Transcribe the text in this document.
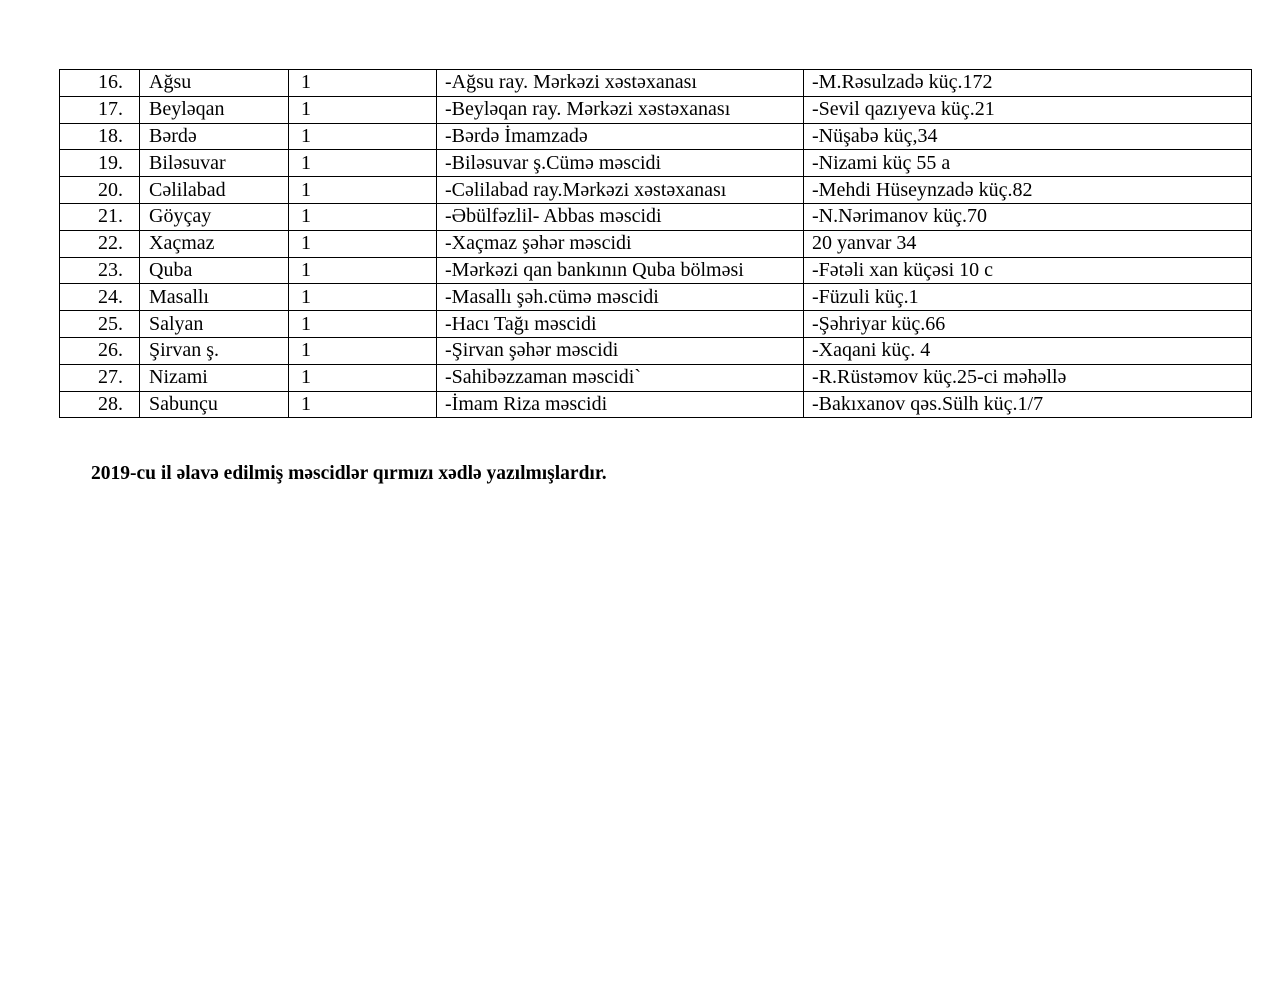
16.	Ağsu	1	-Ağsu ray. Mərkəzi xəstəxanası	-M.Rəsulzadə küç.172
17.	Beyləqan	1	-Beyləqan ray. Mərkəzi xəstəxanası	-Sevil qazıyeva küç.21
18.	Bərdə	1	-Bərdə İmamzadə	-Nüşabə küç,34
19.	Biləsuvar	1	-Biləsuvar ş.Cümə məscidi	-Nizami küç 55 a
20.	Cəlilabad	1	-Cəlilabad ray.Mərkəzi xəstəxanası	-Mehdi Hüseynzadə küç.82
21.	Göyçay	1	-Əbülfəzlil- Abbas məscidi	-N.Nərimanov küç.70
22.	Xaçmaz	1	-Xaçmaz şəhər məscidi	20 yanvar 34
23.	Quba	1	-Mərkəzi qan bankının Quba bölməsi	-Fətəli xan küçəsi 10 c
24.	Masallı	1	-Masallı şəh.cümə məscidi	-Füzuli küç.1
25.	Salyan	1	-Hacı Tağı məscidi	-Şəhriyar küç.66
26.	Şirvan ş.	1	-Şirvan şəhər məscidi	-Xaqani küç. 4
27.	Nizami	1	-Sahibəzzaman məscidi`	-R.Rüstəmov küç.25-ci məhəllə
28.	Sabunçu	1	-İmam Riza məscidi	-Bakıxanov qəs.Sülh küç.1/7
2019-cu il əlavə edilmiş məscidlər qırmızı xədlə yazılmışlardır.
